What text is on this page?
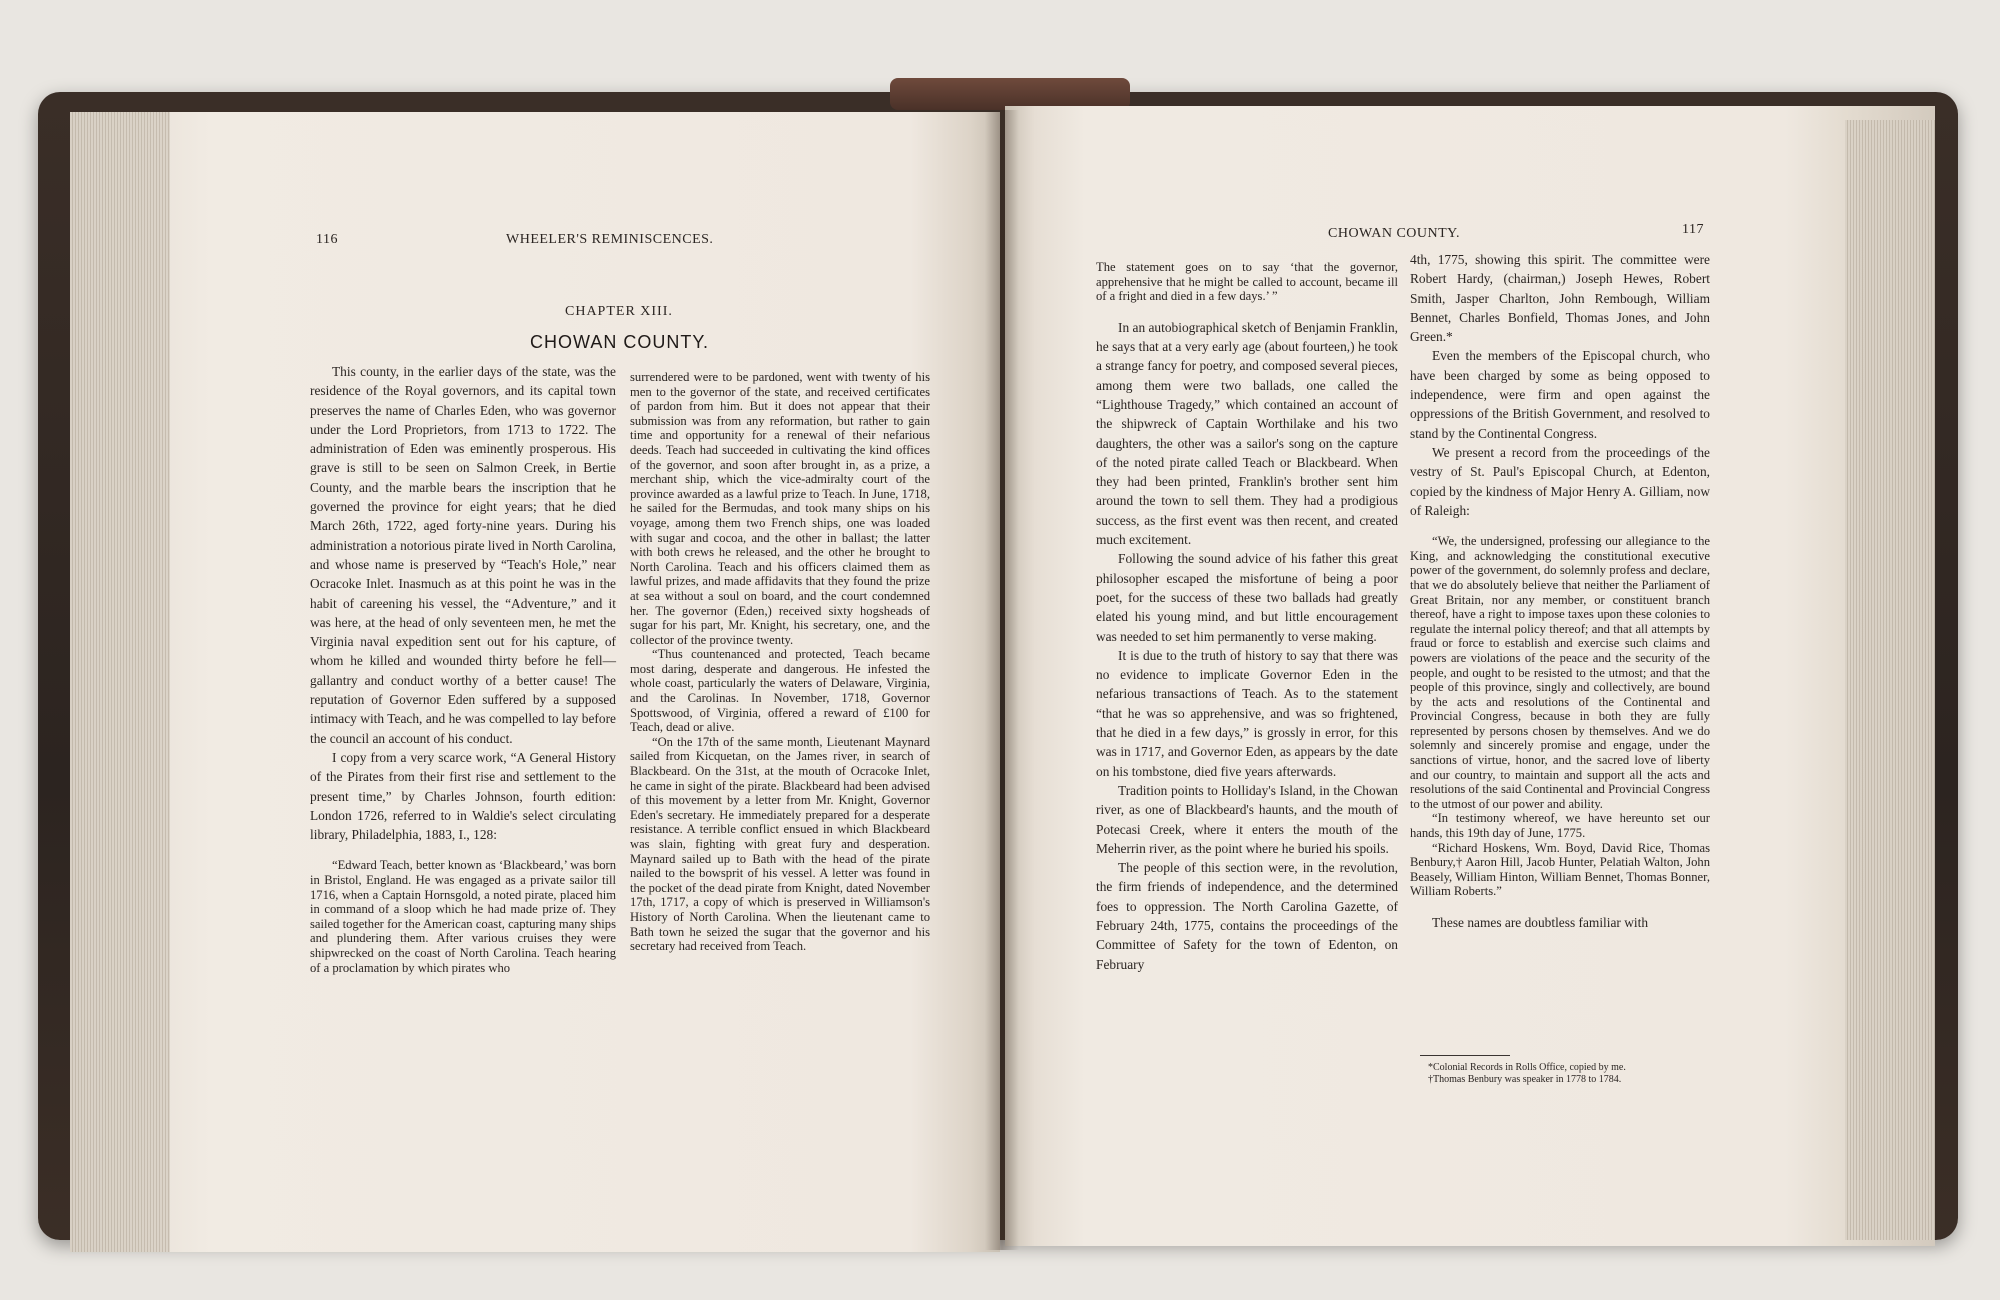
116	WHEELER'S REMINISCENCES.
CHAPTER XIII.
CHOWAN COUNTY.

This county, in the earlier days of the state, was the residence of the Royal governors, and its capital town preserves the name of Charles Eden, who was governor under the Lord Proprietors, from 1713 to 1722. The administration of Eden was eminently prosperous. His grave is still to be seen on Salmon Creek, in Bertie County, and the marble bears the inscription that he governed the province for eight years; that he died March 26th, 1722, aged forty-nine years. During his administration a notorious pirate lived in North Carolina, and whose name is preserved by “Teach's Hole,” near Ocracoke Inlet. Inasmuch as at this point he was in the habit of careening his vessel, the “Adventure,” and it was here, at the head of only seventeen men, he met the Virginia naval expedition sent out for his capture, of whom he killed and wounded thirty before he fell—gallantry and conduct worthy of a better cause! The reputation of Governor Eden suffered by a supposed intimacy with Teach, and he was compelled to lay before the council an account of his conduct.

I copy from a very scarce work, “A General History of the Pirates from their first rise and settlement to the present time,” by Charles Johnson, fourth edition: London 1726, referred to in Waldie's select circulating library, Philadelphia, 1883, I., 128:

“Edward Teach, better known as ‘Blackbeard,’ was born in Bristol, England. He was engaged as a private sailor till 1716, when a Captain Hornsgold, a noted pirate, placed him in command of a sloop which he had made prize of. They sailed together for the American coast, capturing many ships and plundering them. After various cruises they were shipwrecked on the coast of North Carolina. Teach hearing of a proclamation by which pirates who

surrendered were to be pardoned, went with twenty of his men to the governor of the state, and received certificates of pardon from him. But it does not appear that their submission was from any reformation, but rather to gain time and opportunity for a renewal of their nefarious deeds. Teach had succeeded in cultivating the kind offices of the governor, and soon after brought in, as a prize, a merchant ship, which the vice-admiralty court of the province awarded as a lawful prize to Teach. In June, 1718, he sailed for the Bermudas, and took many ships on his voyage, among them two French ships, one was loaded with sugar and cocoa, and the other in ballast; the latter with both crews he released, and the other he brought to North Carolina. Teach and his officers claimed them as lawful prizes, and made affidavits that they found the prize at sea without a soul on board, and the court condemned her. The governor (Eden,) received sixty hogsheads of sugar for his part, Mr. Knight, his secretary, one, and the collector of the province twenty.

“Thus countenanced and protected, Teach became most daring, desperate and dangerous. He infested the whole coast, particularly the waters of Delaware, Virginia, and the Carolinas. In November, 1718, Governor Spottswood, of Virginia, offered a reward of £100 for Teach, dead or alive.

“On the 17th of the same month, Lieutenant Maynard sailed from Kicquetan, on the James river, in search of Blackbeard. On the 31st, at the mouth of Ocracoke Inlet, he came in sight of the pirate. Blackbeard had been advised of this movement by a letter from Mr. Knight, Governor Eden's secretary. He immediately prepared for a desperate resistance. A terrible conflict ensued in which Blackbeard was slain, fighting with great fury and desperation. Maynard sailed up to Bath with the head of the pirate nailed to the bowsprit of his vessel. A letter was found in the pocket of the dead pirate from Knight, dated November 17th, 1717, a copy of which is preserved in Williamson's History of North Carolina. When the lieutenant came to Bath town he seized the sugar that the governor and his secretary had received from Teach.

CHOWAN COUNTY.	117

The statement goes on to say ‘that the governor, apprehensive that he might be called to account, became ill of a fright and died in a few days.’ ”

In an autobiographical sketch of Benjamin Franklin, he says that at a very early age (about fourteen,) he took a strange fancy for poetry, and composed several pieces, among them were two ballads, one called the “Lighthouse Tragedy,” which contained an account of the shipwreck of Captain Worthilake and his two daughters, the other was a sailor's song on the capture of the noted pirate called Teach or Blackbeard. When they had been printed, Franklin's brother sent him around the town to sell them. They had a prodigious success, as the first event was then recent, and created much excitement.

Following the sound advice of his father this great philosopher escaped the misfortune of being a poor poet, for the success of these two ballads had greatly elated his young mind, and but little encouragement was needed to set him permanently to verse making.

It is due to the truth of history to say that there was no evidence to implicate Governor Eden in the nefarious transactions of Teach. As to the statement “that he was so apprehensive, and was so frightened, that he died in a few days,” is grossly in error, for this was in 1717, and Governor Eden, as appears by the date on his tombstone, died five years afterwards.

Tradition points to Holliday's Island, in the Chowan river, as one of Blackbeard's haunts, and the mouth of Potecasi Creek, where it enters the mouth of the Meherrin river, as the point where he buried his spoils.

The people of this section were, in the revolution, the firm friends of independence, and the determined foes to oppression. The North Carolina Gazette, of February 24th, 1775, contains the proceedings of the Committee of Safety for the town of Edenton, on February

4th, 1775, showing this spirit. The committee were Robert Hardy, (chairman,) Joseph Hewes, Robert Smith, Jasper Charlton, John Rembough, William Bennet, Charles Bonfield, Thomas Jones, and John Green.*

Even the members of the Episcopal church, who have been charged by some as being opposed to independence, were firm and open against the oppressions of the British Government, and resolved to stand by the Continental Congress.

We present a record from the proceedings of the vestry of St. Paul's Episcopal Church, at Edenton, copied by the kindness of Major Henry A. Gilliam, now of Raleigh:

“We, the undersigned, professing our allegiance to the King, and acknowledging the constitutional executive power of the government, do solemnly profess and declare, that we do absolutely believe that neither the Parliament of Great Britain, nor any member, or constituent branch thereof, have a right to impose taxes upon these colonies to regulate the internal policy thereof; and that all attempts by fraud or force to establish and exercise such claims and powers are violations of the peace and the security of the people, and ought to be resisted to the utmost; and that the people of this province, singly and collectively, are bound by the acts and resolutions of the Continental and Provincial Congress, because in both they are fully represented by persons chosen by themselves. And we do solemnly and sincerely promise and engage, under the sanctions of virtue, honor, and the sacred love of liberty and our country, to maintain and support all the acts and resolutions of the said Continental and Provincial Congress to the utmost of our power and ability.

“In testimony whereof, we have hereunto set our hands, this 19th day of June, 1775.

“Richard Hoskens, Wm. Boyd, David Rice, Thomas Benbury,† Aaron Hill, Jacob Hunter, Pelatiah Walton, John Beasely, William Hinton, William Bennet, Thomas Bonner, William Roberts.”

These names are doubtless familiar with

*Colonial Records in Rolls Office, copied by me.
†Thomas Benbury was speaker in 1778 to 1784.
